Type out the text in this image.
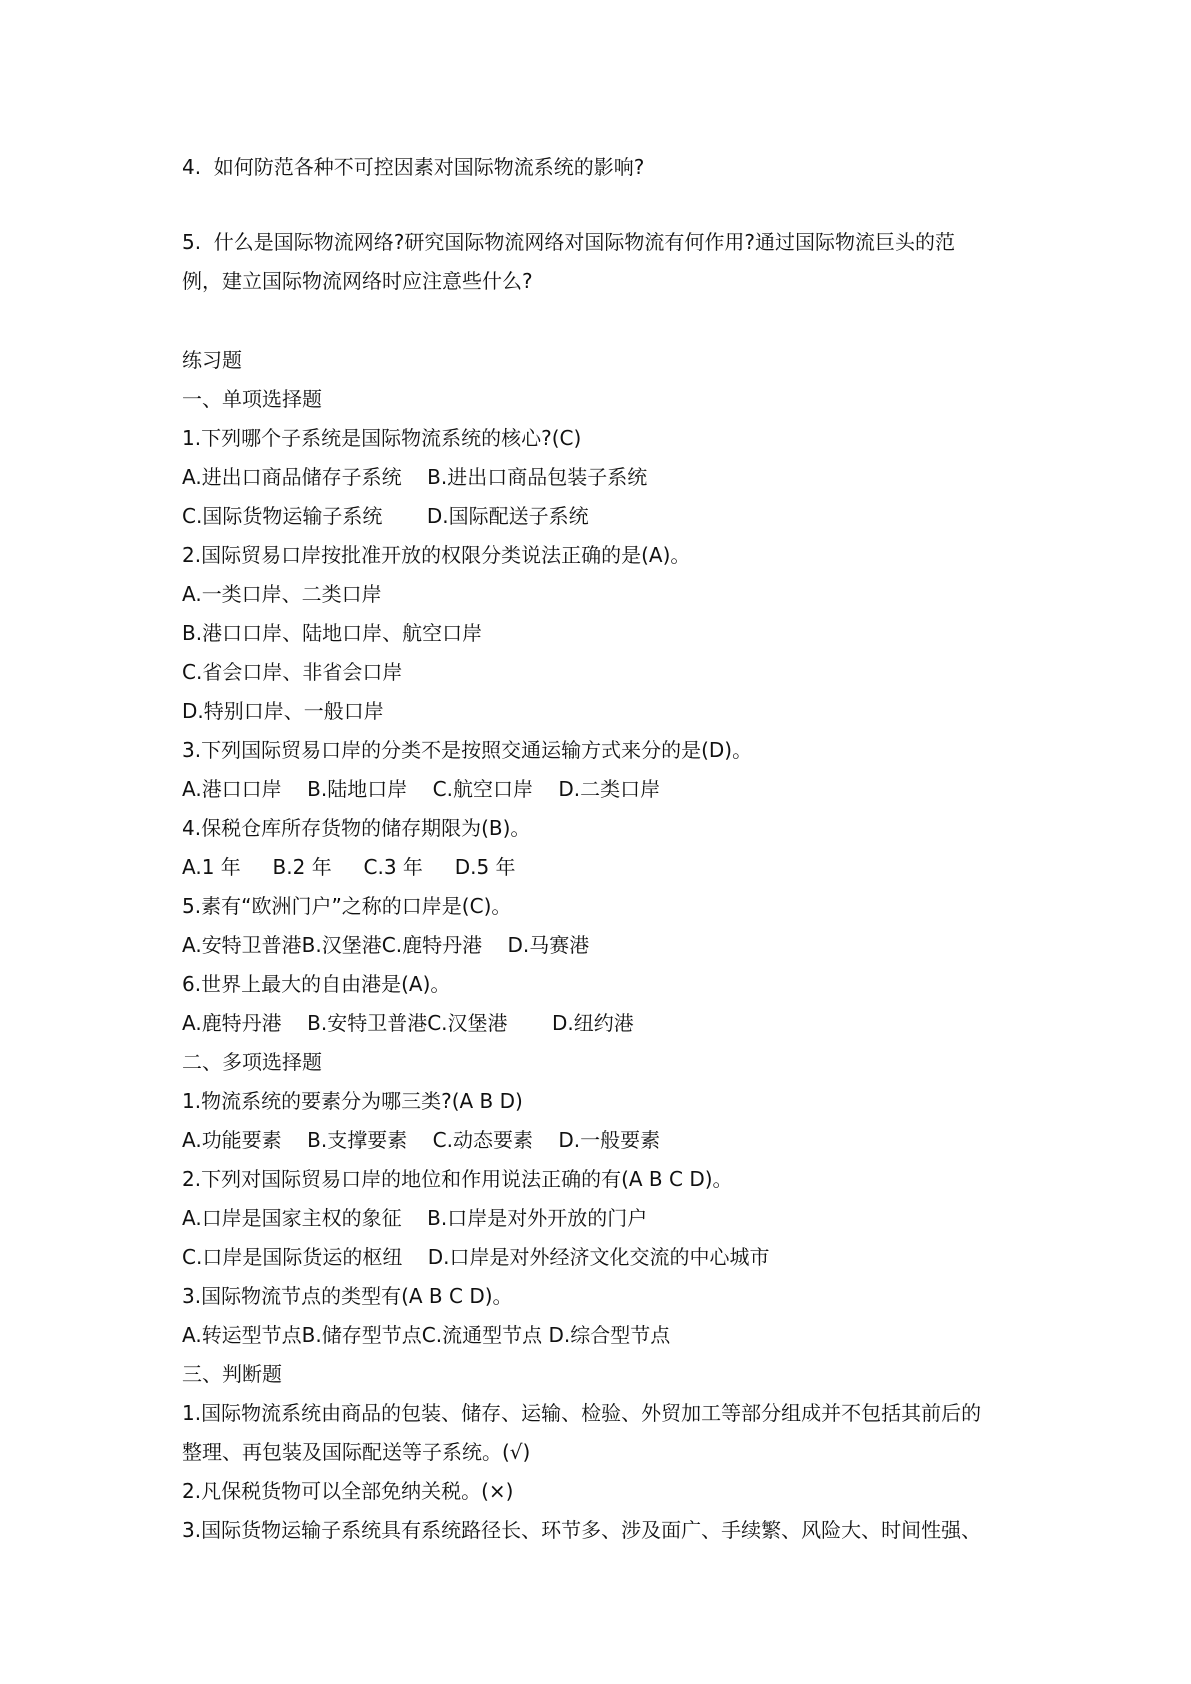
4.  如何防范各种不可控因素对国际物流系统的影响?
5.  什么是国际物流网络?研究国际物流网络对国际物流有何作用?通过国际物流巨头的范
例，建立国际物流网络时应注意些什么?
练习题
一、单项选择题
1.下列哪个子系统是国际物流系统的核心?(C)
A.进出口商品储存子系统    B.进出口商品包装子系统
C.国际货物运输子系统       D.国际配送子系统
2.国际贸易口岸按批准开放的权限分类说法正确的是(A)。
A.一类口岸、二类口岸
B.港口口岸、陆地口岸、航空口岸
C.省会口岸、非省会口岸
D.特别口岸、一般口岸
3.下列国际贸易口岸的分类不是按照交通运输方式来分的是(D)。
A.港口口岸    B.陆地口岸    C.航空口岸    D.二类口岸
4.保税仓库所存货物的储存期限为(B)。
A.1 年     B.2 年     C.3 年     D.5 年
5.素有“欧洲门户”之称的口岸是(C)。
A.安特卫普港B.汉堡港C.鹿特丹港    D.马赛港
6.世界上最大的自由港是(A)。
A.鹿特丹港    B.安特卫普港C.汉堡港       D.纽约港
二、多项选择题
1.物流系统的要素分为哪三类?(A B D)
A.功能要素    B.支撑要素    C.动态要素    D.一般要素
2.下列对国际贸易口岸的地位和作用说法正确的有(A B C D)。
A.口岸是国家主权的象征    B.口岸是对外开放的门户
C.口岸是国际货运的枢纽    D.口岸是对外经济文化交流的中心城市
3.国际物流节点的类型有(A B C D)。
A.转运型节点B.储存型节点C.流通型节点 D.综合型节点
三、判断题
1.国际物流系统由商品的包装、储存、运输、检验、外贸加工等部分组成并不包括其前后的
整理、再包装及国际配送等子系统。(√)
2.凡保税货物可以全部免纳关税。(×)
3.国际货物运输子系统具有系统路径长、环节多、涉及面广、手续繁、风险大、时间性强、
